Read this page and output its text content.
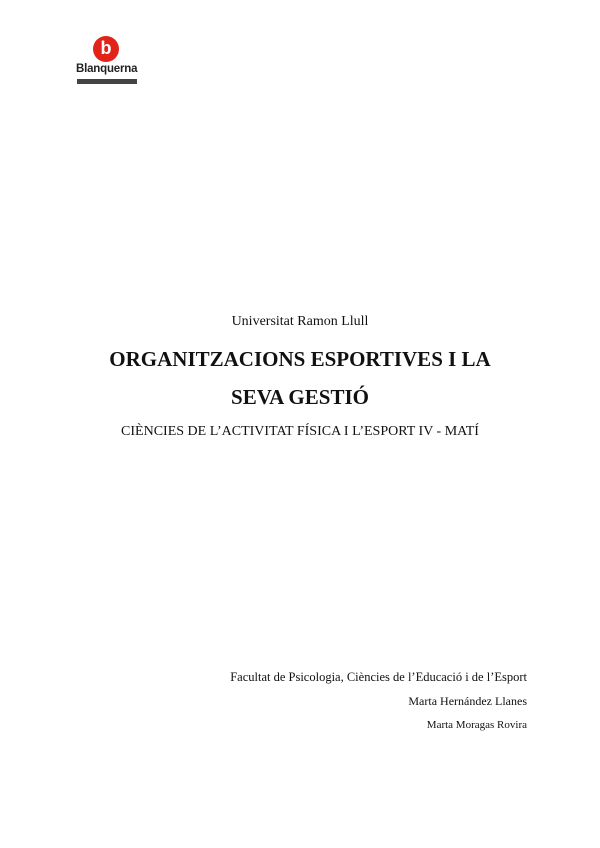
b
Blanquerna
Universitat Ramon Llull
ORGANITZACIONS ESPORTIVES I LA
SEVA GESTIÓ
CIÈNCIES DE L’ACTIVITAT FÍSICA I L’ESPORT IV - MATÍ
Facultat de Psicologia, Ciències de l’Educació i de l’Esport
Marta Hernández Llanes
Marta Moragas Rovira
